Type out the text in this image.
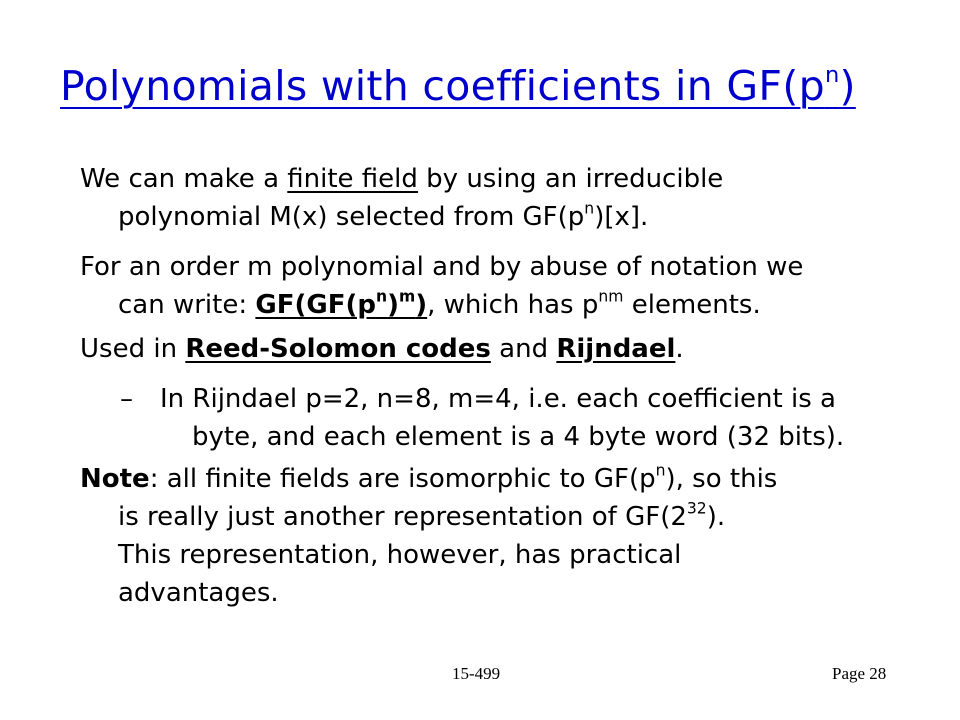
Polynomials with coefficients in $GF(p^n)$
We can make a finite field by using an irreducible
polynomial M(x) selected from $GF(p^n)[x]$.
For an order m polynomial and by abuse of notation we
can write: $GF(GF(p^n)^m)$, which has $p^{nm}$ elements.
Used in Reed-Solomon codes and Rijndael.
– In Rijndael p=2, n=8, m=4, i.e. each coefficient is a
byte, and each element is a 4 byte word (32 bits).
Note: all finite fields are isomorphic to $GF(p^n)$, so this
is really just another representation of $GF(2^{32})$.
This representation, however, has practical
advantages.
15-499	Page 28
